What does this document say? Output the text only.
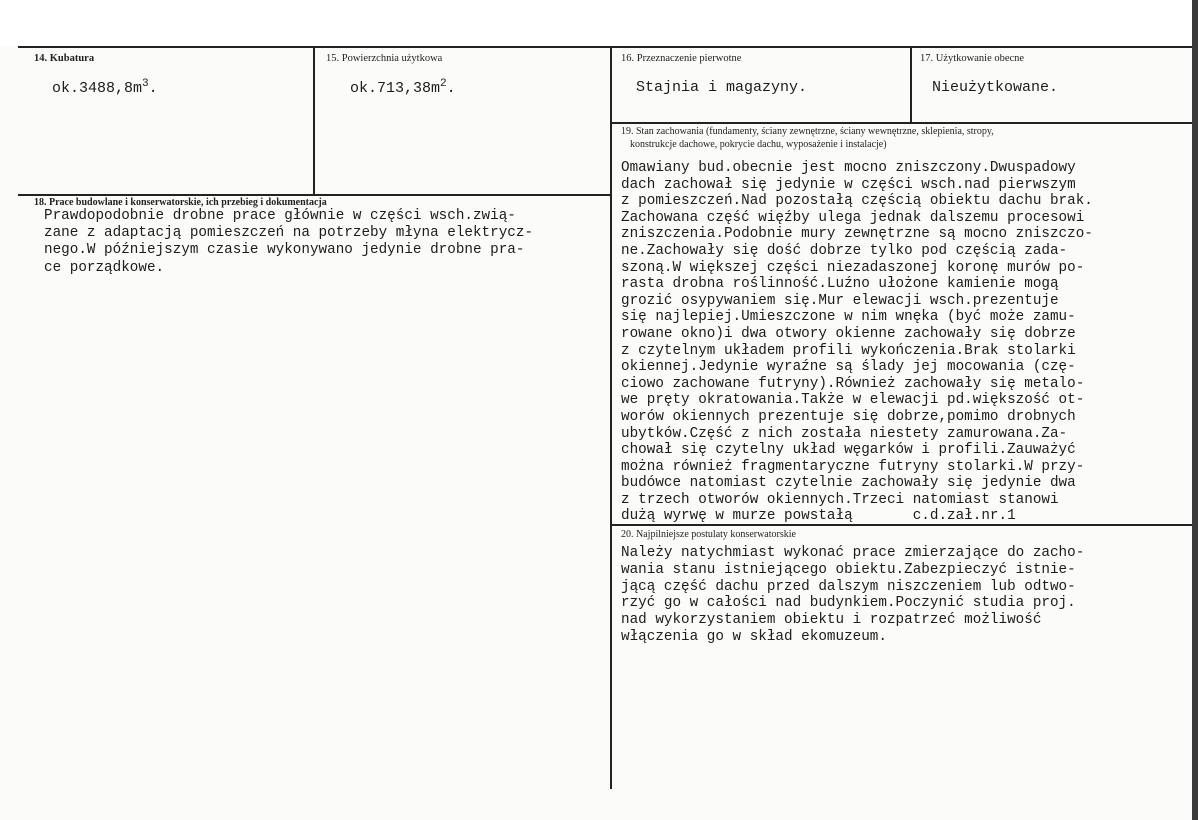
14. Kubatura
$ok.3488,8m^3$.
15. Powierzchnia użytkowa
$ok.713,38m^2$.
16. Przeznaczenie pierwotne
Stajnia i magazyny.
17. Użytkowanie obecne
Nieużytkowane.
18. Prace budowlane i konserwatorskie, ich przebieg i dokumentacja
Prawdopodobnie drobne prace głównie w części wsch.zwią-
zane z adaptacją pomieszczeń na potrzeby młyna elektrycz-
nego.W późniejszym czasie wykonywano jedynie drobne pra-
ce porządkowe.
19. Stan zachowania (fundamenty, ściany zewnętrzne, ściany wewnętrzne, sklepienia, stropy,
konstrukcje dachowe, pokrycie dachu, wyposażenie i instalacje)
Omawiany bud.obecnie jest mocno zniszczony.Dwuspadowy
dach zachował się jedynie w części wsch.nad pierwszym
z pomieszczeń.Nad pozostałą częścią obiektu dachu brak.
Zachowana część więźby ulega jednak dalszemu procesowi
zniszczenia.Podobnie mury zewnętrzne są mocno zniszczo-
ne.Zachowały się dość dobrze tylko pod częścią zada-
szoną.W większej części niezadaszonej koronę murów po-
rasta drobna roślinność.Luźno ułożone kamienie mogą
grozić osypywaniem się.Mur elewacji wsch.prezentuje
się najlepiej.Umieszczone w nim wnęka (być może zamu-
rowane okno)i dwa otwory okienne zachowały się dobrze
z czytelnym układem profili wykończenia.Brak stolarki
okiennej.Jedynie wyraźne są ślady jej mocowania (czę-
ciowo zachowane futryny).Również zachowały się metalo-
we pręty okratowania.Także w elewacji pd.większość ot-
worów okiennych prezentuje się dobrze,pomimo drobnych
ubytków.Część z nich została niestety zamurowana.Za-
chował się czytelny układ węgarków i profili.Zauważyć
można również fragmentaryczne futryny stolarki.W przy-
budówce natomiast czytelnie zachowały się jedynie dwa
z trzech otworów okiennych.Trzeci natomiast stanowi
dużą wyrwę w murze powstałą       c.d.zał.nr.1
20. Najpilniejsze postulaty konserwatorskie
Należy natychmiast wykonać prace zmierzające do zacho-
wania stanu istniejącego obiektu.Zabezpieczyć istnie-
jącą część dachu przed dalszym niszczeniem lub odtwo-
rzyć go w całości nad budynkiem.Poczynić studia proj.
nad wykorzystaniem obiektu i rozpatrzeć możliwość
włączenia go w skład ekomuzeum.
